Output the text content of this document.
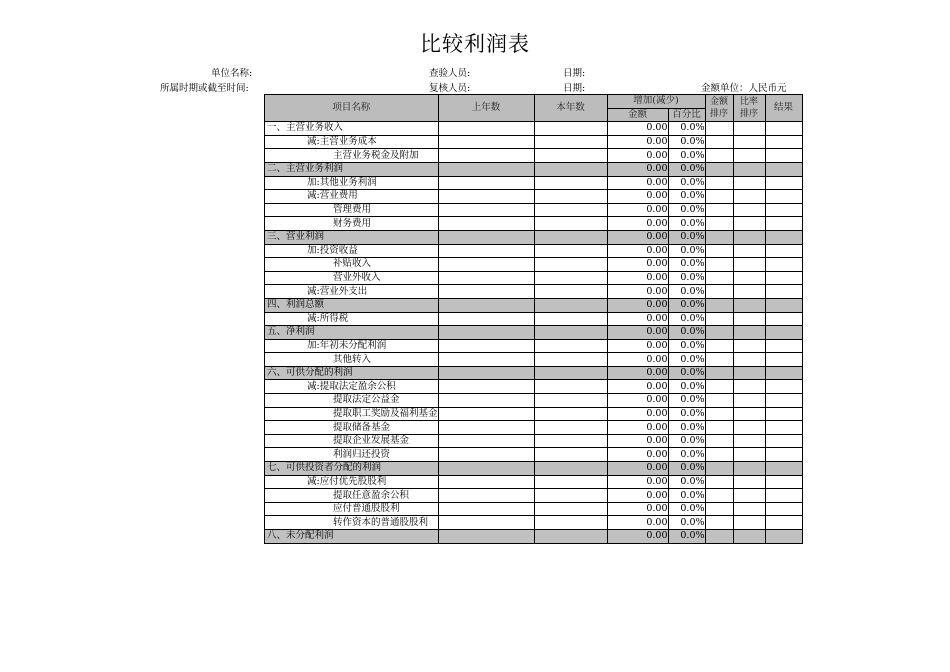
比较利润表
单位名称:
所属时期或截至时间:
查验人员:
复核人员:
日期:
日期:	金额单位：人民币元
项目名称	上年数	本年数	增加(减少)		金额排序	比率排序	结果
			金额	百分比			
一、主营业务收入			0.00	0.0%			
减:主营业务成本			0.00	0.0%			
主营业务税金及附加			0.00	0.0%			
二、主营业务利润			0.00	0.0%			
加:其他业务利润			0.00	0.0%			
减:营业费用			0.00	0.0%			
管理费用			0.00	0.0%			
财务费用			0.00	0.0%			
三、营业利润			0.00	0.0%			
加:投资收益			0.00	0.0%			
补贴收入			0.00	0.0%			
营业外收入			0.00	0.0%			
减:营业外支出			0.00	0.0%			
四、利润总额			0.00	0.0%			
减:所得税			0.00	0.0%			
五、净利润			0.00	0.0%			
加:年初未分配利润			0.00	0.0%			
其他转入			0.00	0.0%			
六、可供分配的利润			0.00	0.0%			
减:提取法定盈余公积			0.00	0.0%			
提取法定公益金			0.00	0.0%			
提取职工奖励及福利基金			0.00	0.0%			
提取储备基金			0.00	0.0%			
提取企业发展基金			0.00	0.0%			
利润归还投资			0.00	0.0%			
七、可供投资者分配的利润			0.00	0.0%			
减:应付优先股股利			0.00	0.0%			
提取任意盈余公积			0.00	0.0%			
应付普通股股利			0.00	0.0%			
转作资本的普通股股利			0.00	0.0%			
八、未分配利润			0.00	0.0%			
